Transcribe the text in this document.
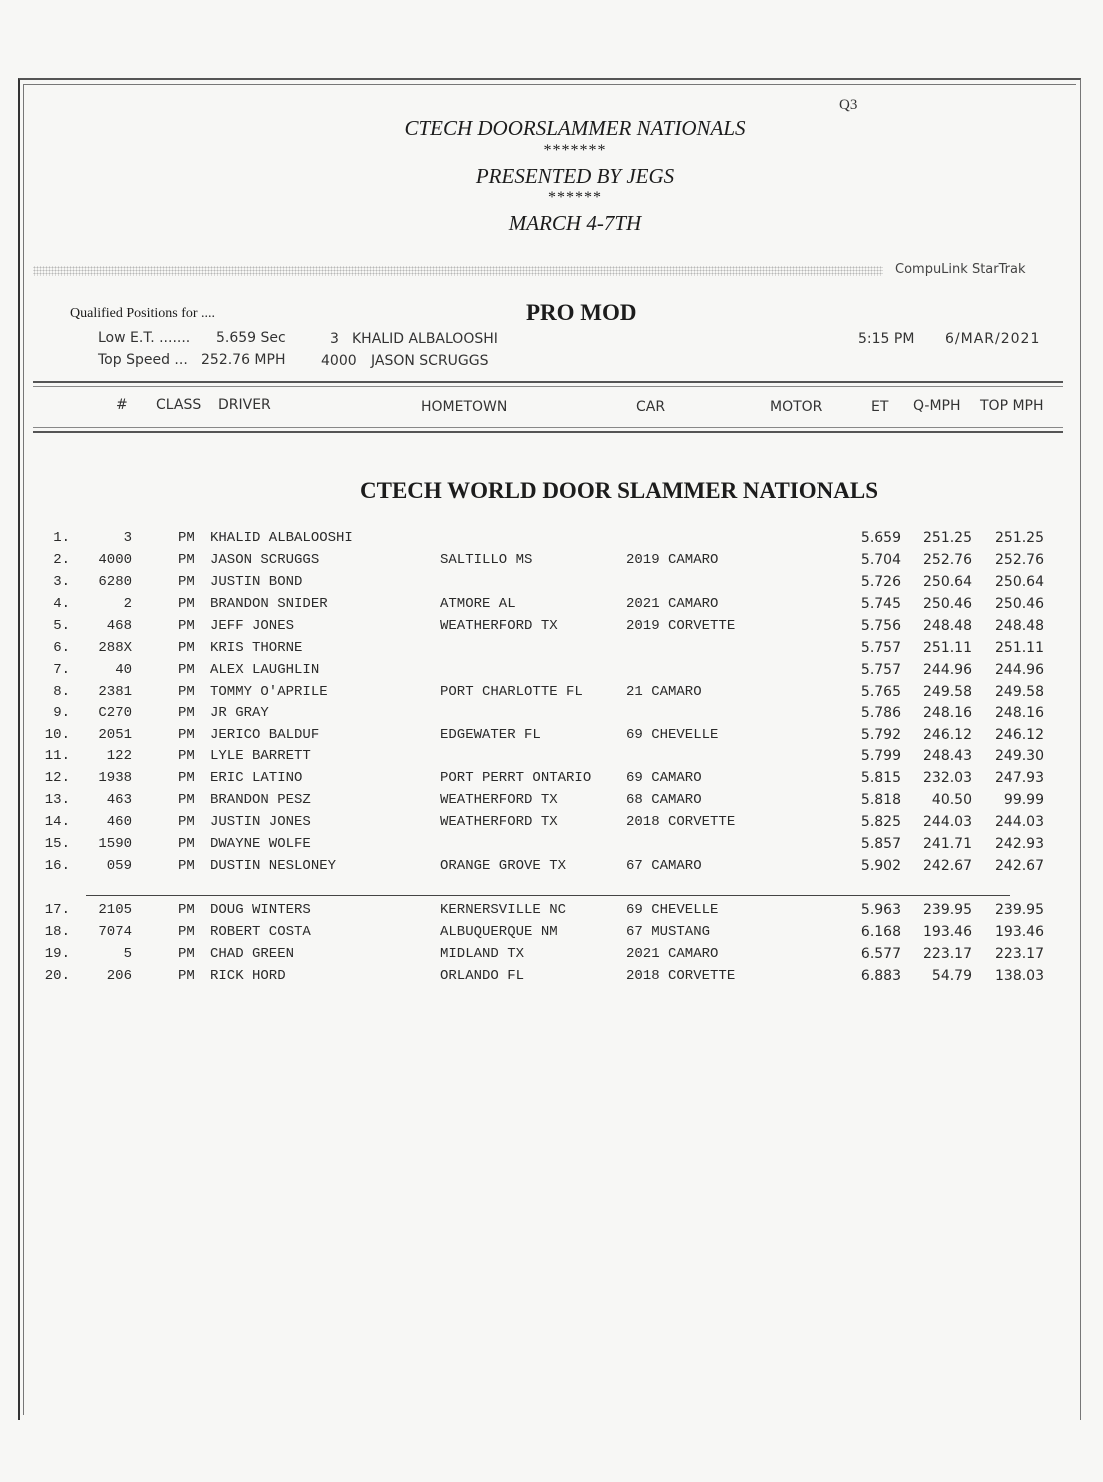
Q3
CTECH DOORSLAMMER NATIONALS
*******
PRESENTED BY JEGS
******
MARCH 4-7TH
CompuLink StarTrak
Qualified Positions for ....	PRO MOD
Low E.T. ....... 5.659 Sec	3 KHALID ALBALOOSHI
Top Speed ... 252.76 MPH	4000 JASON SCRUGGS
5:15 PM 6/MAR/2021
# CLASS DRIVER	HOMETOWN	CAR	MOTOR	ET Q-MPH TOP MPH
CTECH WORLD DOOR SLAMMER NATIONALS
1.	3	PM	KHALID ALBALOOSHI	5.659	251.25	251.25
2.	4000	PM	JASON SCRUGGS	SALTILLO MS	2019 CAMARO	5.704	252.76	252.76
3.	6280	PM	JUSTIN BOND	5.726	250.64	250.64
4.	2	PM	BRANDON SNIDER	ATMORE AL	2021 CAMARO	5.745	250.46	250.46
5.	468	PM	JEFF JONES	WEATHERFORD TX	2019 CORVETTE	5.756	248.48	248.48
6.	288X	PM	KRIS THORNE	5.757	251.11	251.11
7.	40	PM	ALEX LAUGHLIN	5.757	244.96	244.96
8.	2381	PM	TOMMY O'APRILE	PORT CHARLOTTE FL	21 CAMARO	5.765	249.58	249.58
9.	C270	PM	JR GRAY	5.786	248.16	248.16
10.	2051	PM	JERICO BALDUF	EDGEWATER FL	69 CHEVELLE	5.792	246.12	246.12
11.	122	PM	LYLE BARRETT	5.799	248.43	249.30
12.	1938	PM	ERIC LATINO	PORT PERRT ONTARIO	69 CAMARO	5.815	232.03	247.93
13.	463	PM	BRANDON PESZ	WEATHERFORD TX	68 CAMARO	5.818	40.50	99.99
14.	460	PM	JUSTIN JONES	WEATHERFORD TX	2018 CORVETTE	5.825	244.03	244.03
15.	1590	PM	DWAYNE WOLFE	5.857	241.71	242.93
16.	059	PM	DUSTIN NESLONEY	ORANGE GROVE TX	67 CAMARO	5.902	242.67	242.67
17.	2105	PM	DOUG WINTERS	KERNERSVILLE NC	69 CHEVELLE	5.963	239.95	239.95
18.	7074	PM	ROBERT COSTA	ALBUQUERQUE NM	67 MUSTANG	6.168	193.46	193.46
19.	5	PM	CHAD GREEN	MIDLAND TX	2021 CAMARO	6.577	223.17	223.17
20.	206	PM	RICK HORD	ORLANDO FL	2018 CORVETTE	6.883	54.79	138.03
